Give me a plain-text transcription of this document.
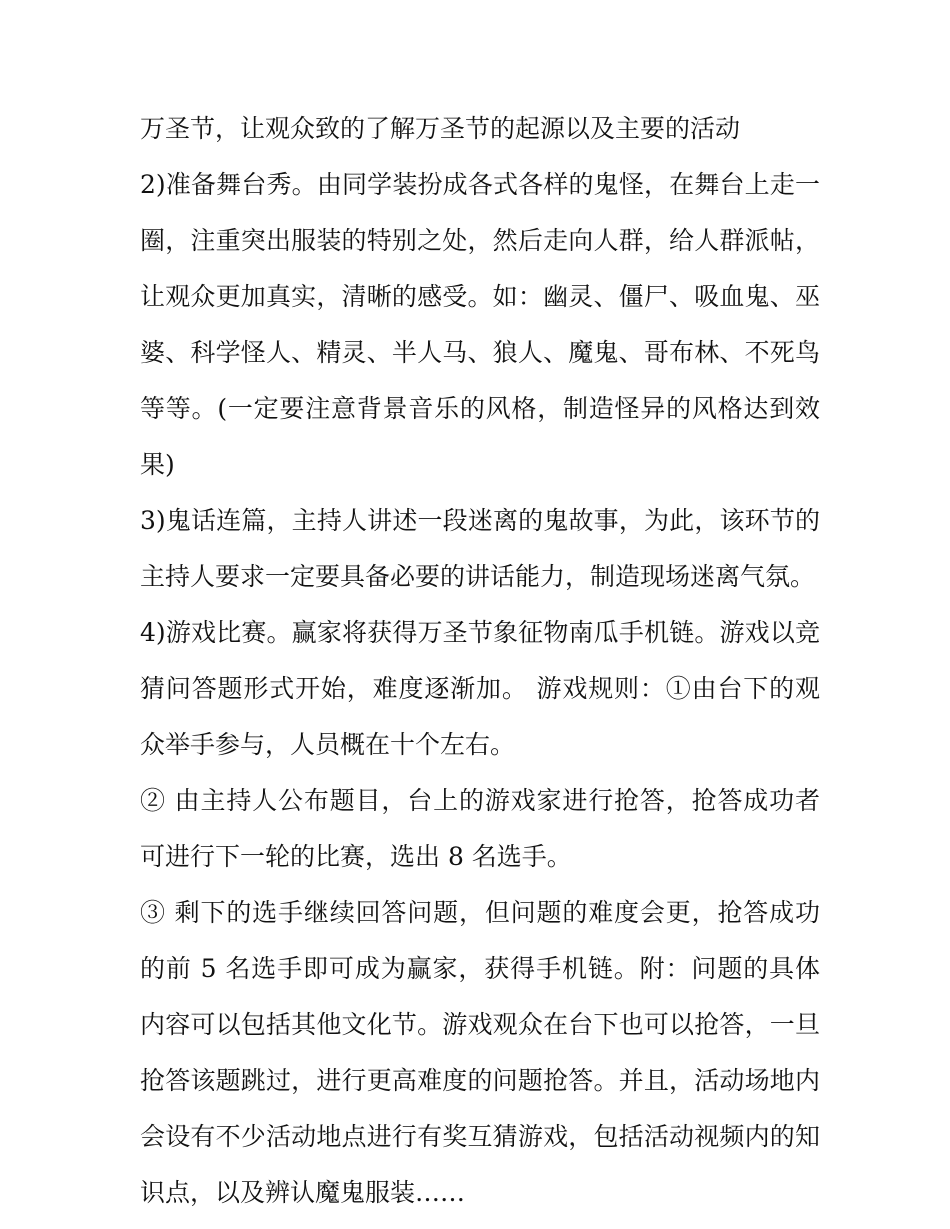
万圣节，让观众致的了解万圣节的起源以及主要的活动

2)准备舞台秀。由同学装扮成各式各样的鬼怪，在舞台上走一圈，注重突出服装的特别之处，然后走向人群，给人群派帖，让观众更加真实，清晰的感受。如：幽灵、僵尸、吸血鬼、巫婆、科学怪人、精灵、半人马、狼人、魔鬼、哥布林、不死鸟等等。(一定要注意背景音乐的风格，制造怪异的风格达到效果)

3)鬼话连篇，主持人讲述一段迷离的鬼故事，为此，该环节的主持人要求一定要具备必要的讲话能力，制造现场迷离气氛。

4)游戏比赛。赢家将获得万圣节象征物南瓜手机链。游戏以竞猜问答题形式开始，难度逐渐加。 游戏规则：①由台下的观众举手参与，人员概在十个左右。

② 由主持人公布题目，台上的游戏家进行抢答，抢答成功者可进行下一轮的比赛，选出 8 名选手。

③ 剩下的选手继续回答问题，但问题的难度会更，抢答成功的前 5 名选手即可成为赢家，获得手机链。附：问题的具体内容可以包括其他文化节。游戏观众在台下也可以抢答，一旦抢答该题跳过，进行更高难度的问题抢答。并且，活动场地内会设有不少活动地点进行有奖互猜游戏，包括活动视频内的知识点，以及辨认魔鬼服装……
